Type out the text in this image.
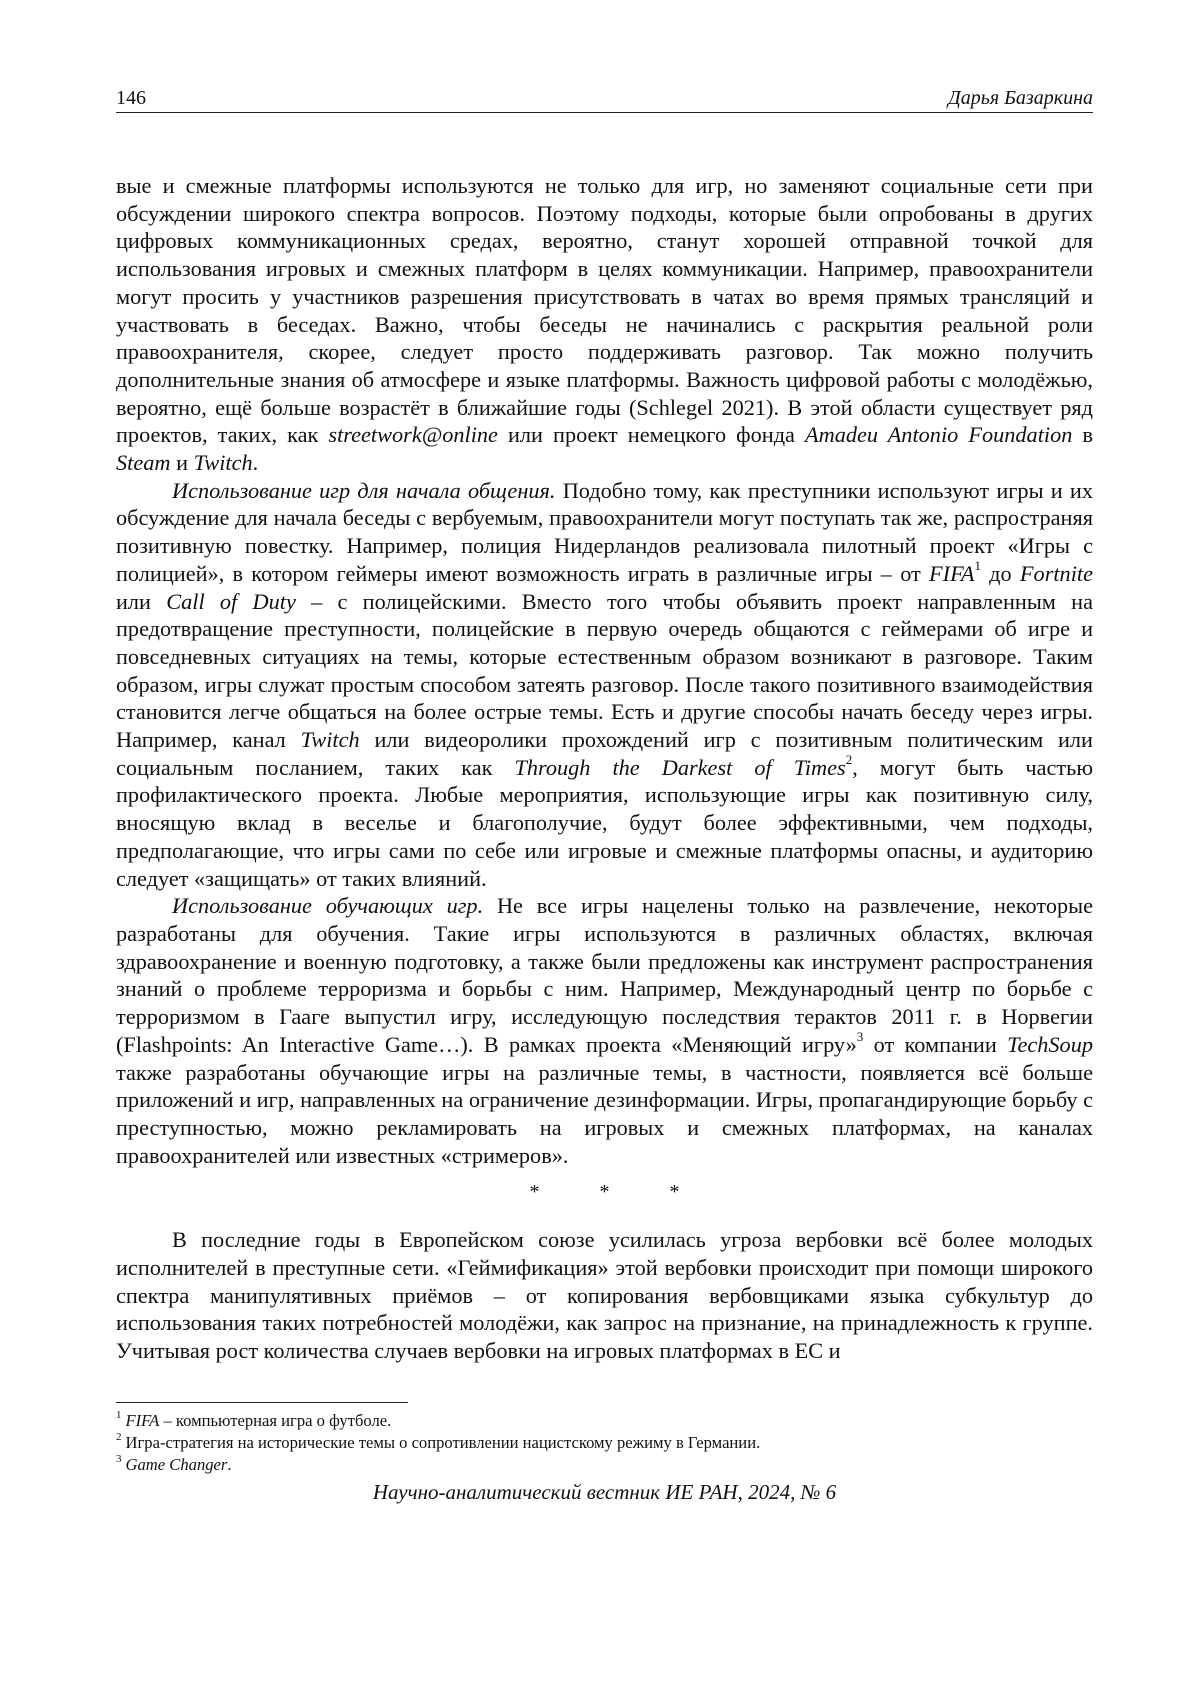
146	Дарья Базаркина

вые и смежные платформы используются не только для игр, но заменяют социальные сети при обсуждении широкого спектра вопросов. Поэтому подходы, которые были опробованы в других цифровых коммуникационных средах, вероятно, станут хорошей отправной точкой для использования игровых и смежных платформ в целях коммуникации. Например, правоохранители могут просить у участников разрешения присутствовать в чатах во время прямых трансляций и участвовать в беседах. Важно, чтобы беседы не начинались с раскрытия реальной роли правоохранителя, скорее, следует просто поддерживать разговор. Так можно получить дополнительные знания об атмосфере и языке платформы. Важность цифровой работы с молодёжью, вероятно, ещё больше возрастёт в ближайшие годы (Schlegel 2021). В этой области существует ряд проектов, таких, как streetwork@online или проект немецкого фонда Amadeu Antonio Foundation в Steam и Twitch.

Использование игр для начала общения. Подобно тому, как преступники используют игры и их обсуждение для начала беседы с вербуемым, правоохранители могут поступать так же, распространяя позитивную повестку. Например, полиция Нидерландов реализовала пилотный проект «Игры с полицией», в котором геймеры имеют возможность играть в различные игры – от FIFA$^1$ до Fortnite или Call of Duty – с полицейскими. Вместо того чтобы объявить проект направленным на предотвращение преступности, полицейские в первую очередь общаются с геймерами об игре и повседневных ситуациях на темы, которые естественным образом возникают в разговоре. Таким образом, игры служат простым способом затеять разговор. После такого позитивного взаимодействия становится легче общаться на более острые темы. Есть и другие способы начать беседу через игры. Например, канал Twitch или видеоролики прохождений игр с позитивным политическим или социальным посланием, таких как Through the Darkest of Times$^2$, могут быть частью профилактического проекта. Любые мероприятия, использующие игры как позитивную силу, вносящую вклад в веселье и благополучие, будут более эффективными, чем подходы, предполагающие, что игры сами по себе или игровые и смежные платформы опасны, и аудиторию следует «защищать» от таких влияний.

Использование обучающих игр. Не все игры нацелены только на развлечение, некоторые разработаны для обучения. Такие игры используются в различных областях, включая здравоохранение и военную подготовку, а также были предложены как инструмент распространения знаний о проблеме терроризма и борьбы с ним. Например, Международный центр по борьбе с терроризмом в Гааге выпустил игру, исследующую последствия терактов 2011 г. в Норвегии (Flashpoints: An Interactive Game…). В рамках проекта «Меняющий игру»$^3$ от компании TechSoup также разработаны обучающие игры на различные темы, в частности, появляется всё больше приложений и игр, направленных на ограничение дезинформации. Игры, пропагандирующие борьбу с преступностью, можно рекламировать на игровых и смежных платформах, на каналах правоохранителей или известных «стримеров».

*	*	*

В последние годы в Европейском союзе усилилась угроза вербовки всё более молодых исполнителей в преступные сети. «Геймификация» этой вербовки происходит при помощи широкого спектра манипулятивных приёмов – от копирования вербовщиками языка субкультур до использования таких потребностей молодёжи, как запрос на признание, на принадлежность к группе. Учитывая рост количества случаев вербовки на игровых платформах в ЕС и

$^1$ FIFA – компьютерная игра о футболе.

$^2$ Игра-стратегия на исторические темы о сопротивлении нацистскому режиму в Германии.

$^3$ Game Changer.

Научно-аналитический вестник ИЕ РАН, 2024, № 6
